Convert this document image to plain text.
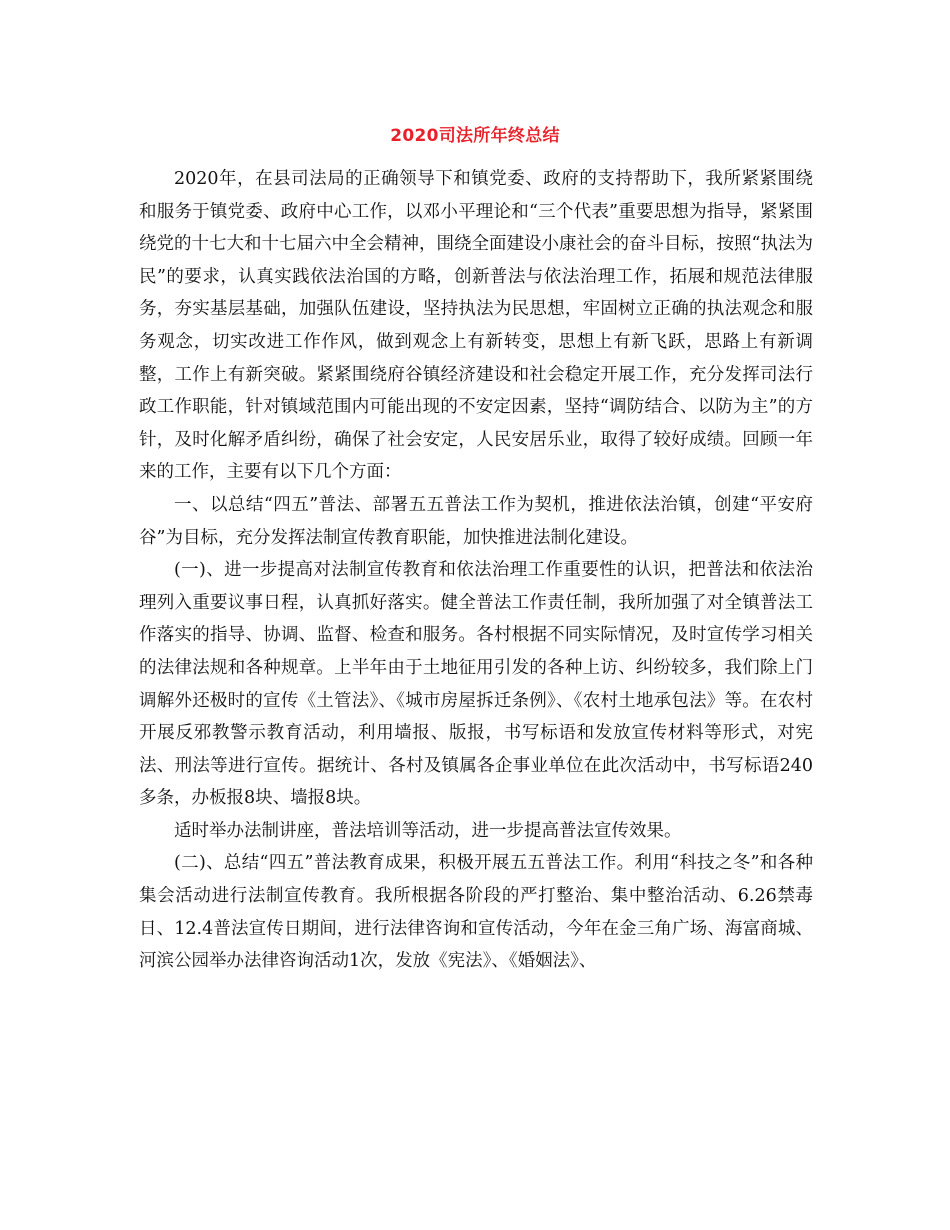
2020司法所年终总结

2020年，在县司法局的正确领导下和镇党委、政府的支持帮助下，我所紧紧围绕和服务于镇党委、政府中心工作，以邓小平理论和“三个代表”重要思想为指导，紧紧围绕党的十七大和十七届六中全会精神，围绕全面建设小康社会的奋斗目标，按照“执法为民”的要求，认真实践依法治国的方略，创新普法与依法治理工作，拓展和规范法律服务，夯实基层基础，加强队伍建设，坚持执法为民思想，牢固树立正确的执法观念和服务观念，切实改进工作作风，做到观念上有新转变，思想上有新飞跃，思路上有新调整，工作上有新突破。紧紧围绕府谷镇经济建设和社会稳定开展工作，充分发挥司法行政工作职能，针对镇域范围内可能出现的不安定因素，坚持“调防结合、以防为主”的方针，及时化解矛盾纠纷，确保了社会安定，人民安居乐业，取得了较好成绩。回顾一年来的工作，主要有以下几个方面：

一、以总结“四五”普法、部署五五普法工作为契机，推进依法治镇，创建“平安府谷”为目标，充分发挥法制宣传教育职能，加快推进法制化建设。

(一)、进一步提高对法制宣传教育和依法治理工作重要性的认识，把普法和依法治理列入重要议事日程，认真抓好落实。健全普法工作责任制，我所加强了对全镇普法工作落实的指导、协调、监督、检查和服务。各村根据不同实际情况，及时宣传学习相关的法律法规和各种规章。上半年由于土地征用引发的各种上访、纠纷较多，我们除上门调解外还极时的宣传《土管法》、《城市房屋拆迁条例》、《农村土地承包法》等。在农村开展反邪教警示教育活动，利用墙报、版报，书写标语和发放宣传材料等形式，对宪法、刑法等进行宣传。据统计、各村及镇属各企事业单位在此次活动中，书写标语240多条，办板报8块、墙报8块。

适时举办法制讲座，普法培训等活动，进一步提高普法宣传效果。

(二)、总结“四五”普法教育成果，积极开展五五普法工作。利用“科技之冬”和各种集会活动进行法制宣传教育。我所根据各阶段的严打整治、集中整治活动、6.26禁毒日、12.4普法宣传日期间，进行法律咨询和宣传活动，今年在金三角广场、海富商城、河滨公园举办法律咨询活动1次，发放《宪法》、《婚姻法》、
